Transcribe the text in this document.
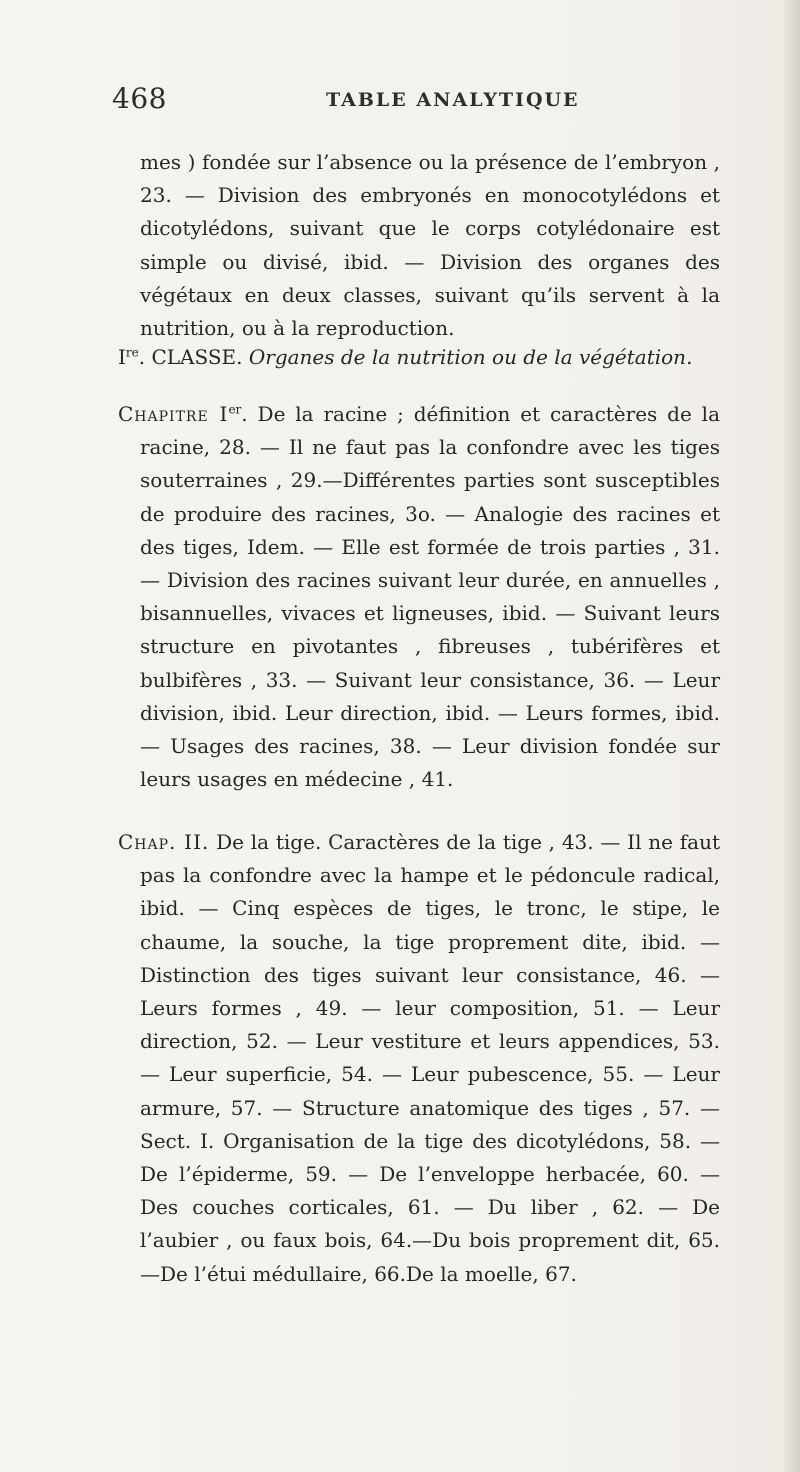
468	TABLE ANALYTIQUE
mes ) fondée sur l’absence ou la présence de l’embryon , 23. — Division des embryonés en monocotylédons et dicotylédons, suivant que le corps cotylédonaire est simple ou divisé, ibid. — Division des organes des végétaux en deux classes, suivant qu’ils servent à la nutrition, ou à la reproduction.
Ire. CLASSE. Organes de la nutrition ou de la végétation.
Chapitre Ier. De la racine ; définition et caractères de la racine, 28. — Il ne faut pas la confondre avec les tiges souterraines , 29.—Différentes parties sont susceptibles de produire des racines, 3o. — Analogie des racines et des tiges, Idem. — Elle est formée de trois parties , 31. — Division des racines suivant leur durée, en annuelles , bisannuelles, vivaces et ligneuses, ibid. — Suivant leurs structure en pivotantes , fibreuses , tubérifères et bulbifères , 33. — Suivant leur consistance, 36. — Leur division, ibid. Leur direction, ibid. — Leurs formes, ibid. — Usages des racines, 38. — Leur division fondée sur leurs usages en médecine , 41.
Chap. II. De la tige. Caractères de la tige , 43. — Il ne faut pas la confondre avec la hampe et le pédoncule radical, ibid. — Cinq espèces de tiges, le tronc, le stipe, le chaume, la souche, la tige proprement dite, ibid. — Distinction des tiges suivant leur consistance, 46. — Leurs formes , 49. — leur composition, 51. — Leur direction, 52. — Leur vestiture et leurs appendices, 53. — Leur superficie, 54. — Leur pubescence, 55. — Leur armure, 57. — Structure anatomique des tiges , 57. — Sect. I. Organisation de la tige des dicotylédons, 58. — De l’épiderme, 59. — De l’enveloppe herbacée, 60. — Des couches corticales, 61. — Du liber , 62. — De l’aubier , ou faux bois, 64.—Du bois proprement dit, 65.—De l’étui médullaire, 66.De la moelle, 67.
